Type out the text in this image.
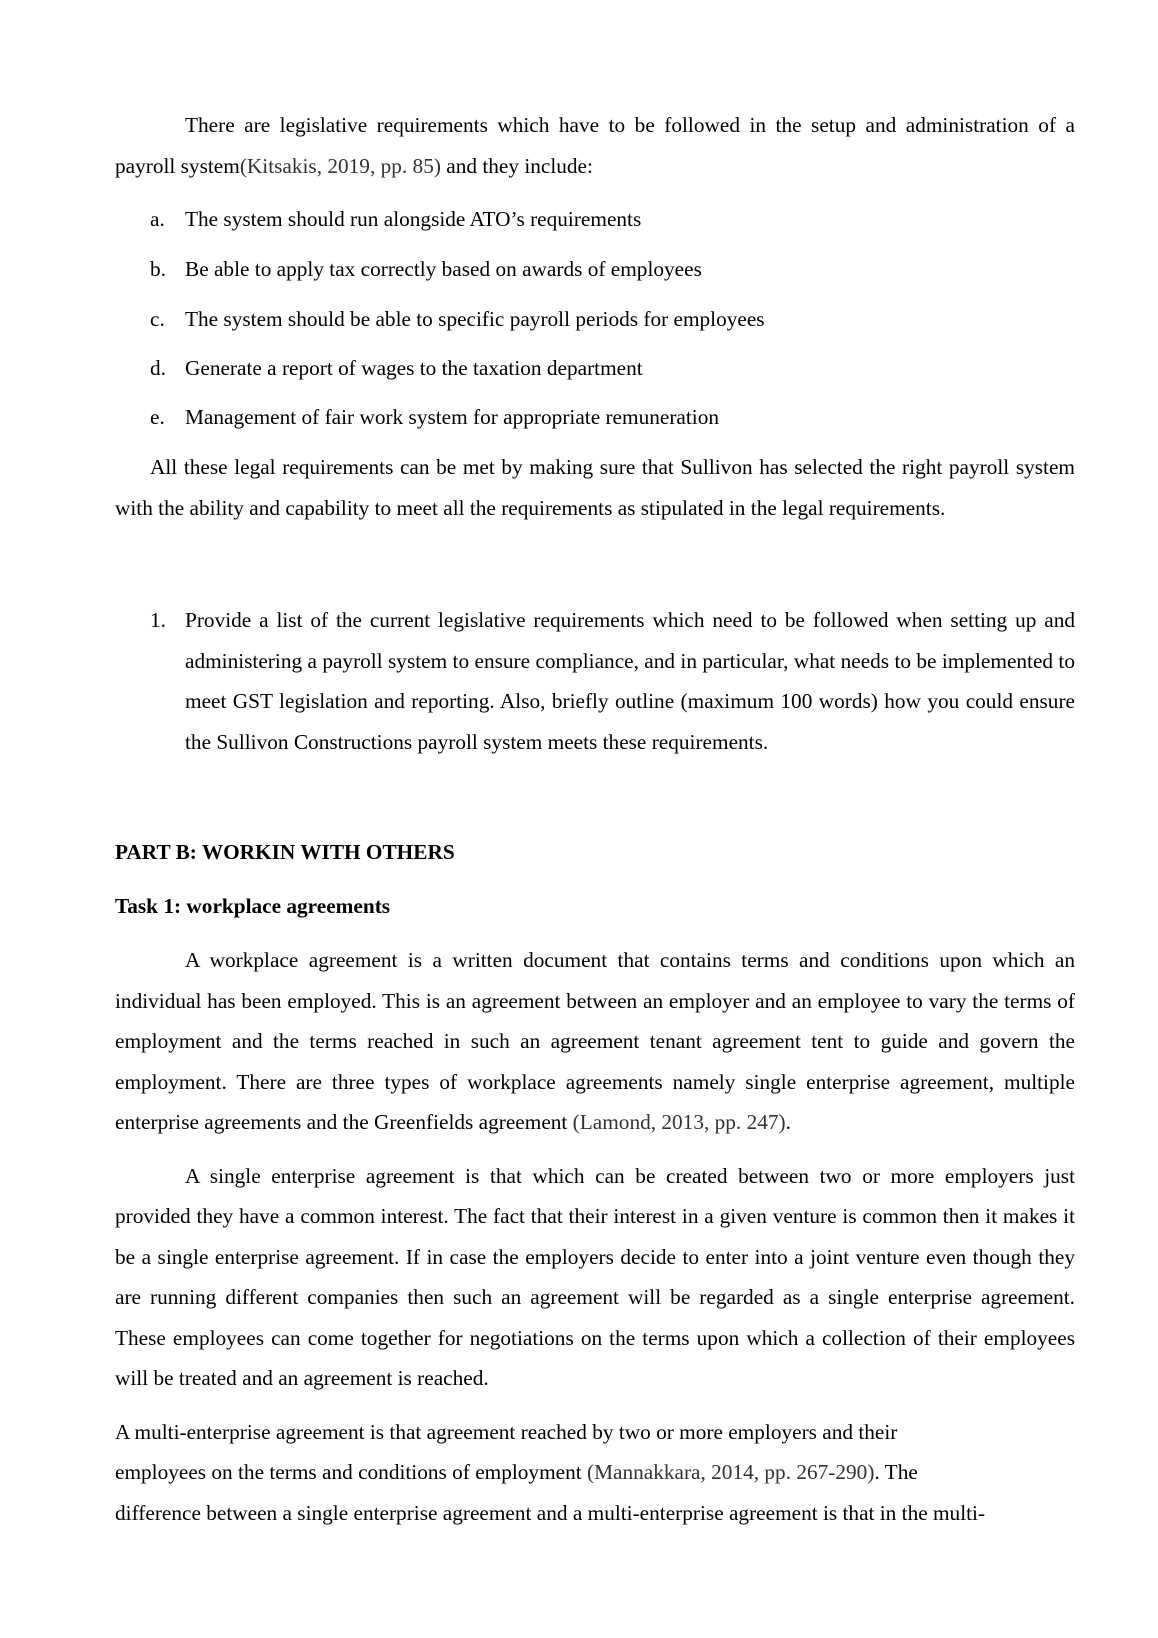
There are legislative requirements which have to be followed in the setup and administration of a payroll system(Kitsakis, 2019, pp. 85) and they include:

a. The system should run alongside ATO’s requirements
b. Be able to apply tax correctly based on awards of employees
c. The system should be able to specific payroll periods for employees
d. Generate a report of wages to the taxation department
e. Management of fair work system for appropriate remuneration

All these legal requirements can be met by making sure that Sullivon has selected the right payroll system with the ability and capability to meet all the requirements as stipulated in the legal requirements.

1. Provide a list of the current legislative requirements which need to be followed when setting up and administering a payroll system to ensure compliance, and in particular, what needs to be implemented to meet GST legislation and reporting. Also, briefly outline (maximum 100 words) how you could ensure the Sullivon Constructions payroll system meets these requirements.

PART B: WORKIN WITH OTHERS

Task 1: workplace agreements

A workplace agreement is a written document that contains terms and conditions upon which an individual has been employed. This is an agreement between an employer and an employee to vary the terms of employment and the terms reached in such an agreement tenant agreement tent to guide and govern the employment. There are three types of workplace agreements namely single enterprise agreement, multiple enterprise agreements and the Greenfields agreement (Lamond, 2013, pp. 247).

A single enterprise agreement is that which can be created between two or more employers just provided they have a common interest. The fact that their interest in a given venture is common then it makes it be a single enterprise agreement. If in case the employers decide to enter into a joint venture even though they are running different companies then such an agreement will be regarded as a single enterprise agreement. These employees can come together for negotiations on the terms upon which a collection of their employees will be treated and an agreement is reached.

A multi-enterprise agreement is that agreement reached by two or more employers and their
employees on the terms and conditions of employment (Mannakkara, 2014, pp. 267-290). The
difference between a single enterprise agreement and a multi-enterprise agreement is that in the multi-
